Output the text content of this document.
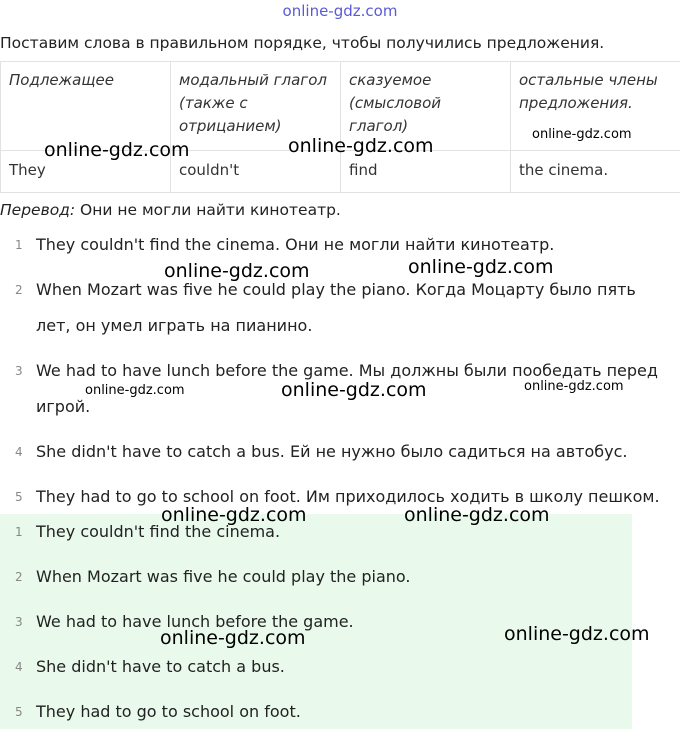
online-gdz.com
Поставим слова в правильном порядке, чтобы получились предложения.
Подлежащее	модальный глагол (также с отрицанием)	сказуемое (смысловой глагол)	остальные члены предложения.
They	couldn't	find	the cinema.
Перевод: Они не могли найти кинотеатр.
1 They couldn't find the cinema. Они не могли найти кинотеатр.
2 When Mozart was five he could play the piano. Когда Моцарту было пять лет, он умел играть на пианино.
3 We had to have lunch before the game. Мы должны были пообедать перед игрой.
4 She didn't have to catch a bus. Ей не нужно было садиться на автобус.
5 They had to go to school on foot. Им приходилось ходить в школу пешком.
1 They couldn't find the cinema.
2 When Mozart was five he could play the piano.
3 We had to have lunch before the game.
4 She didn't have to catch a bus.
5 They had to go to school on foot.
online-gdz.com	online-gdz.com
online-gdz.com
online-gdz.com	online-gdz.com
online-gdz.com	online-gdz.com	online-gdz.com
online-gdz.com	online-gdz.com
online-gdz.com	online-gdz.com
